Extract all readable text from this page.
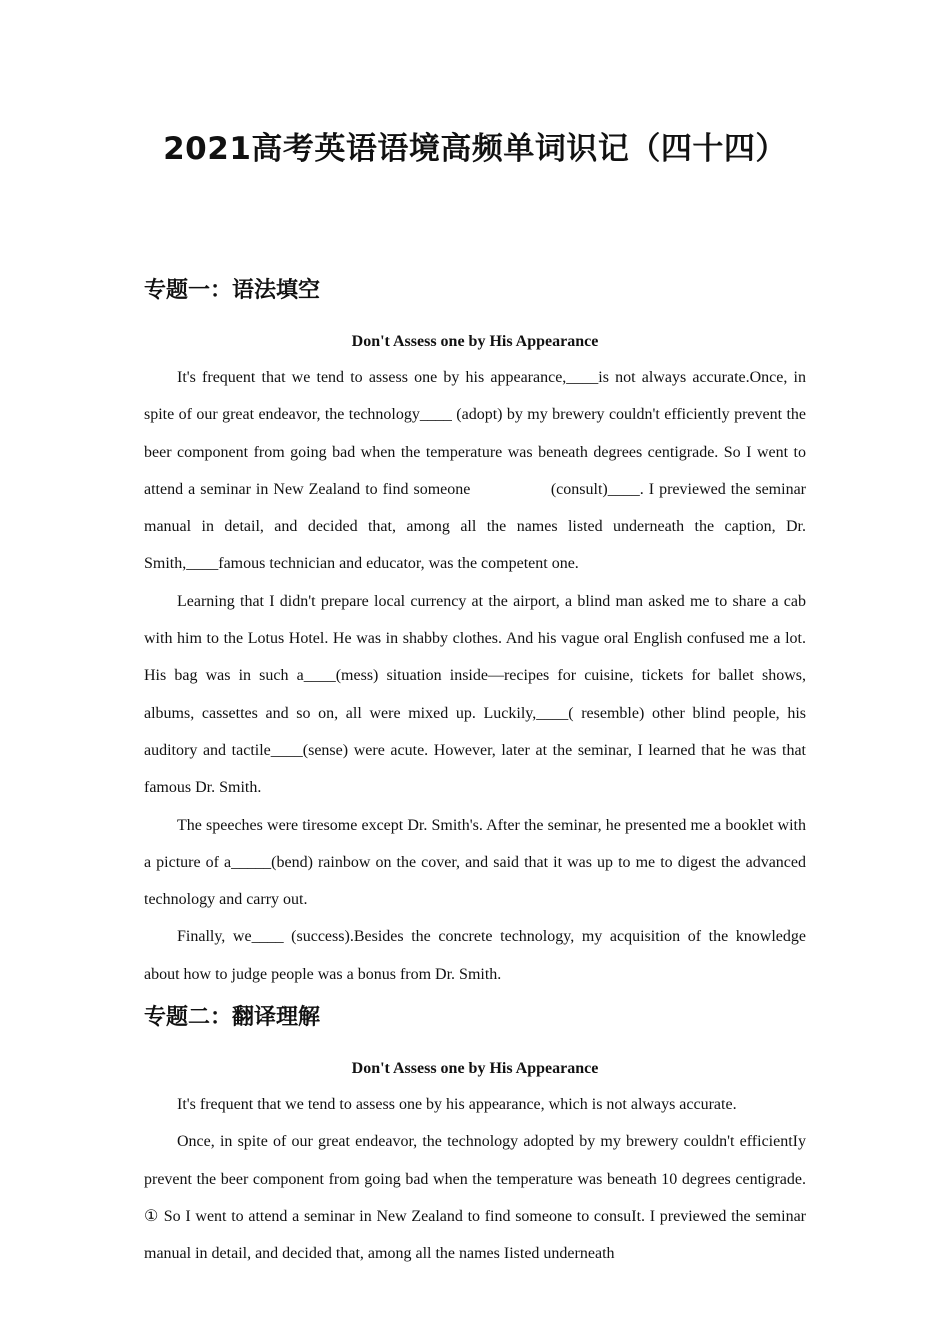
2021高考英语语境高频单词识记（四十四）
专题一：语法填空

Don't Assess one by His Appearance

It's frequent that we tend to assess one by his appearance,____is not always accurate.Once, in spite of our great endeavor, the technology____ (adopt) by my brewery couldn't efficiently prevent the beer component from going bad when the temperature was beneath degrees centigrade. So I went to attend a seminar in New Zealand to find someone                (consult)____. I previewed the seminar manual in detail, and decided that, among all the names listed underneath the caption, Dr. Smith,____famous technician and educator, was the competent one.

Learning that I didn't prepare local currency at the airport, a blind man asked me to share a cab with him to the Lotus Hotel. He was in shabby clothes. And his vague oral English confused me a lot. His bag was in such a____(mess) situation inside—recipes for cuisine, tickets for ballet shows, albums, cassettes and so on, all were mixed up. Luckily,____( resemble) other blind people, his auditory and tactile____(sense) were acute. However, later at the seminar, I learned that he was that famous Dr. Smith.

The speeches were tiresome except Dr. Smith's. After the seminar, he presented me a booklet with a picture of a_____(bend) rainbow on the cover, and said that it was up to me to digest the advanced technology and carry out.

Finally, we____ (success).Besides the concrete technology, my acquisition of the knowledge about how to judge people was a bonus from Dr. Smith.

专题二：翻译理解

Don't Assess one by His Appearance

It's frequent that we tend to assess one by his appearance, which is not always accurate.

Once, in spite of our great endeavor, the technology adopted by my brewery couldn't efficientIy prevent the beer component from going bad when the temperature was beneath 10 degrees centigrade. ① So I went to attend a seminar in New Zealand to find someone to consuIt. I previewed the seminar manual in detail, and decided that, among all the names Iisted underneath
